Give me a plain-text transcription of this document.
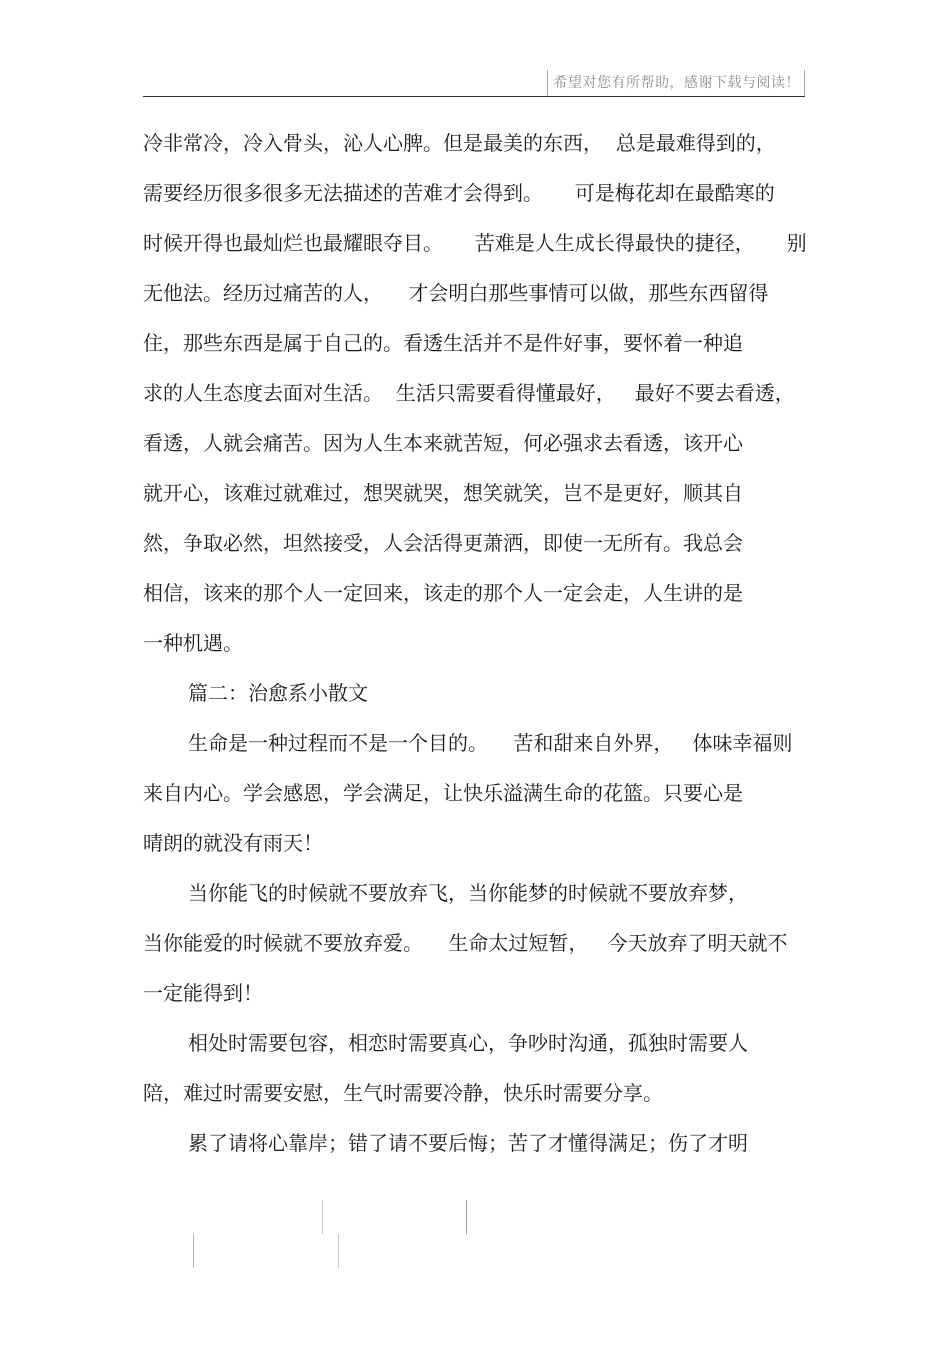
希望对您有所帮助，感谢下载与阅读！
冷非常冷，冷入骨头，沁人心脾。但是最美的东西，  总是最难得到的，
需要经历很多很多无法描述的苦难才会得到。     可是梅花却在最酷寒的
时候开得也最灿烂也最耀眼夺目。     苦难是人生成长得最快的捷径，     别
无他法。经历过痛苦的人，    才会明白那些事情可以做，那些东西留得
住，那些东西是属于自己的。看透生活并不是件好事，要怀着一种追
求的人生态度去面对生活。  生活只需要看得懂最好，   最好不要去看透，
看透，人就会痛苦。因为人生本来就苦短，何必强求去看透，该开心
就开心，该难过就难过，想哭就哭，想笑就笑，岂不是更好，顺其自
然，争取必然，坦然接受，人会活得更萧洒，即使一无所有。我总会
相信，该来的那个人一定回来，该走的那个人一定会走，人生讲的是
一种机遇。
篇二：治愈系小散文
生命是一种过程而不是一个目的。    苦和甜来自外界，   体味幸福则
来自内心。学会感恩，学会满足，让快乐溢满生命的花篮。只要心是
晴朗的就没有雨天！
当你能飞的时候就不要放弃飞，当你能梦的时候就不要放弃梦，
当你能爱的时候就不要放弃爱。    生命太过短暂，   今天放弃了明天就不
一定能得到！
相处时需要包容，相恋时需要真心，争吵时沟通，孤独时需要人
陪，难过时需要安慰，生气时需要冷静，快乐时需要分享。
累了请将心靠岸；错了请不要后悔；苦了才懂得满足；伤了才明
